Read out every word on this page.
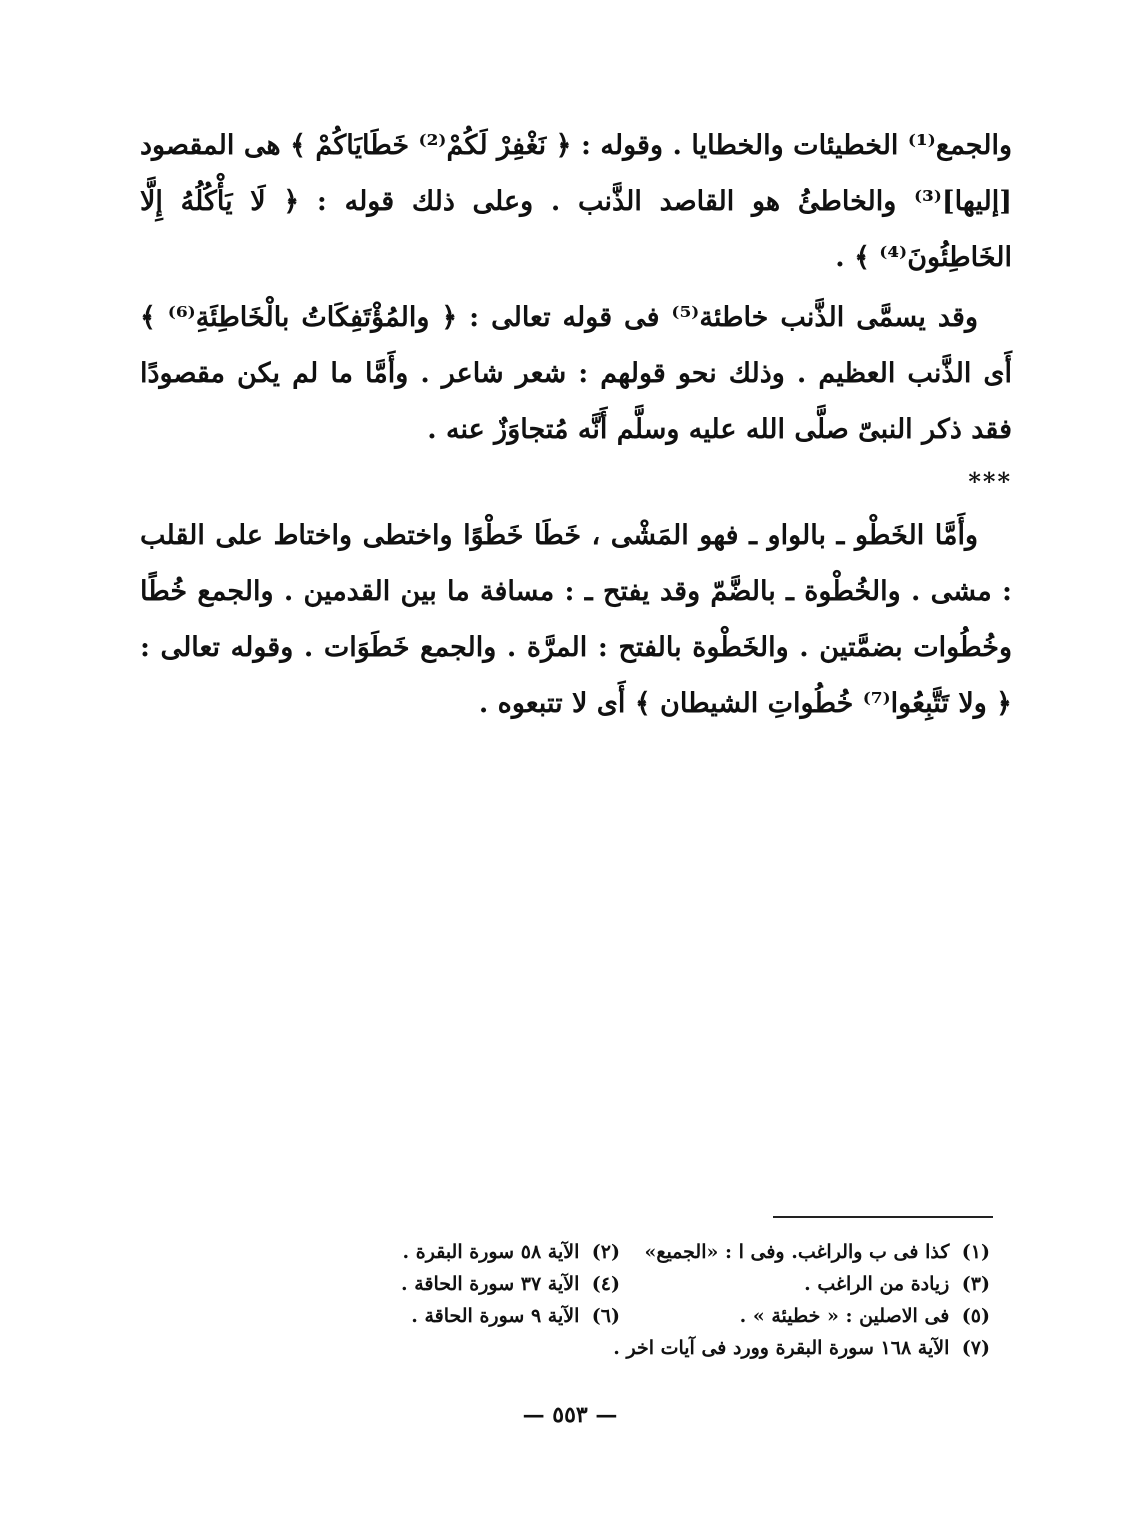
والجمع⁽¹⁾ الخطيئات والخطايا . وقوله : ﴿ نَغْفِرْ لَكُمْ⁽²⁾ خَطَايَاكُمْ ﴾ هى المقصود [إليها]⁽³⁾ والخاطئُ هو القاصد الذَّنب . وعلى ذلك قوله : ﴿ لَا يَأْكُلُهُ إِلَّا الخَاطِئُونَ⁽⁴⁾ ﴾ .

وقد يسمَّى الذَّنب خاطئة⁽⁵⁾ فى قوله تعالى : ﴿ والمُؤْتَفِكَاتُ بالْخَاطِئَةِ⁽⁶⁾ ﴾ أَى الذَّنب العظيم . وذلك نحو قولهم : شعر شاعر . وأَمَّا ما لم يكن مقصودًا فقد ذكر النبىّ صلَّى الله عليه وسلَّم أَنَّه مُتجاوَزٌ عنه .

***

وأَمَّا الخَطْو ـ بالواو ـ فهو المَشْى ، خَطَا خَطْوًا واختطى واختاط على القلب : مشى . والخُطْوة ـ بالضَّمّ وقد يفتح ـ : مسافة ما بين القدمين . والجمع خُطًا وخُطُوات بضمَّتين . والخَطْوة بالفتح : المرَّة . والجمع خَطَوَات . وقوله تعالى : ﴿ ولا تَتَّبِعُوا⁽⁷⁾ خُطُواتِ الشيطان ﴾ أَى لا تتبعوه .

(١) كذا فى ب والراغب. وفى ا : «الجميع»
(٢) الآية ٥٨ سورة البقرة .
(٣) زيادة من الراغب .
(٤) الآية ٣٧ سورة الحاقة .
(٥) فى الاصلين : « خطيئة » .
(٦) الآية ٩ سورة الحاقة .
(٧) الآية ١٦٨ سورة البقرة وورد فى آيات اخر .
— ٥٥٣ —
